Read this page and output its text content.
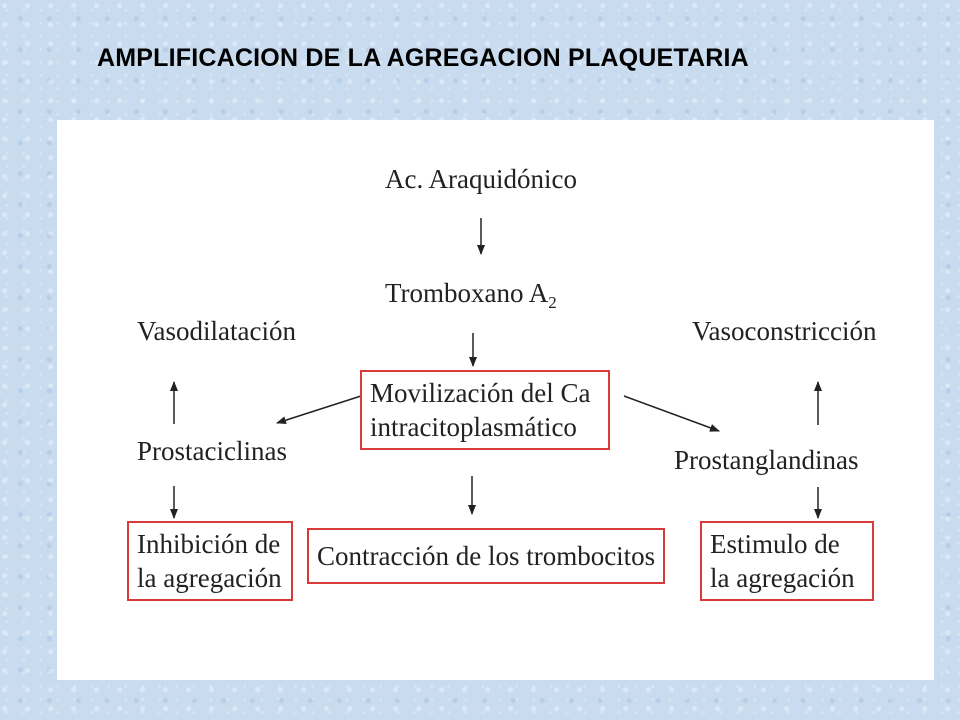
AMPLIFICACION DE LA AGREGACION PLAQUETARIA
Ac. Araquidónico
Tromboxano $A_2$
Vasodilatación	Vasoconstricción
Movilización del Ca
intracitoplasmático
Prostaciclinas	Prostanglandinas
Inhibición de
la agregación
Contracción de los trombocitos Estimulo de
la agregación
